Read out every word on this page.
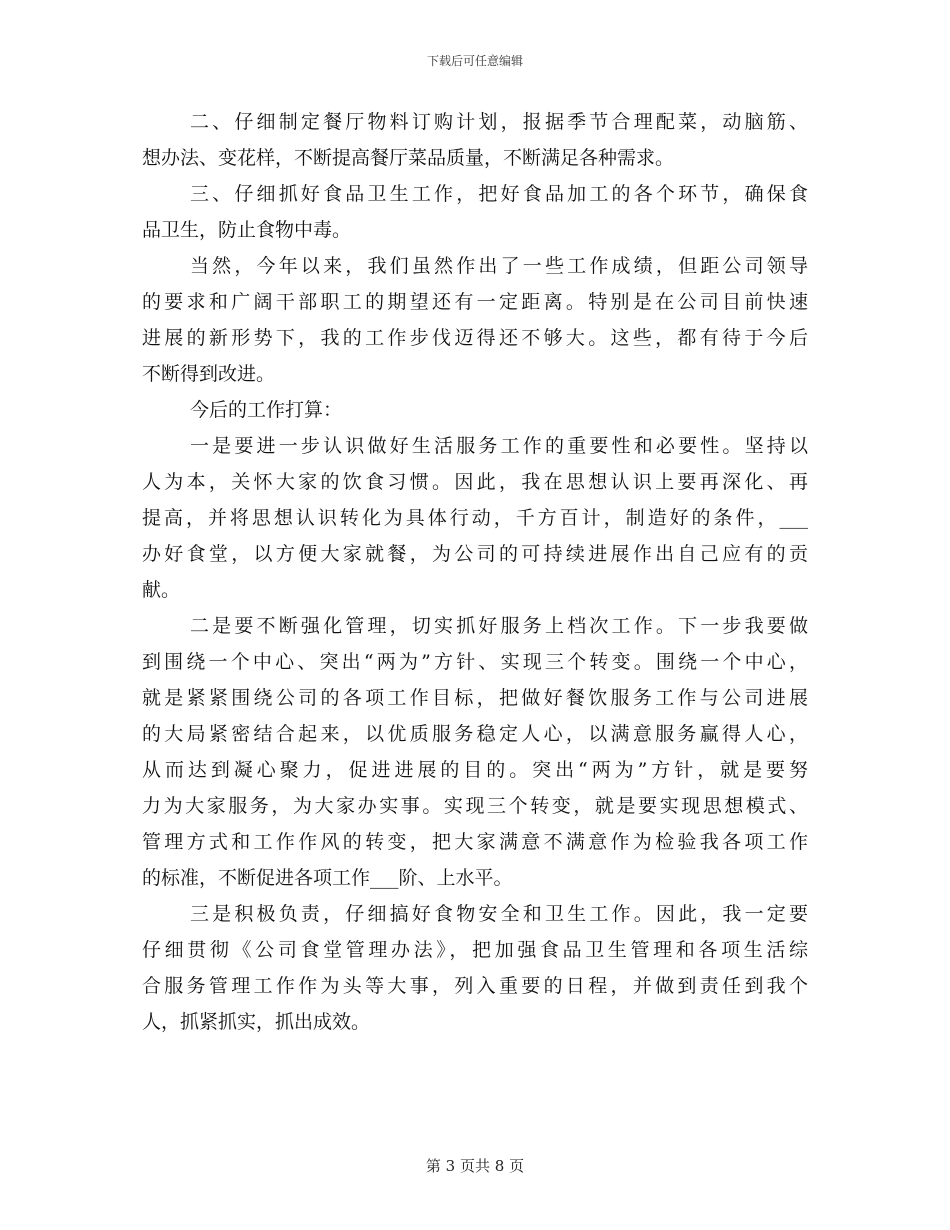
下载后可任意编辑
二、仔细制定餐厅物料订购计划，报据季节合理配菜，动脑筋、
想办法、变花样，不断提高餐厅菜品质量，不断满足各种需求。
三、仔细抓好食品卫生工作，把好食品加工的各个环节，确保食
品卫生，防止食物中毒。
当然，今年以来，我们虽然作出了一些工作成绩，但距公司领导
的要求和广阔干部职工的期望还有一定距离。特别是在公司目前快速
进展的新形势下，我的工作步伐迈得还不够大。这些，都有待于今后
不断得到改进。
今后的工作打算：
一是要进一步认识做好生活服务工作的重要性和必要性。坚持以
人为本，关怀大家的饮食习惯。因此，我在思想认识上要再深化、再
提高，并将思想认识转化为具体行动，千方百计，制造好的条件，___
办好食堂，以方便大家就餐，为公司的可持续进展作出自己应有的贡
献。
二是要不断强化管理，切实抓好服务上档次工作。下一步我要做
到围绕一个中心、突出“两为”方针、实现三个转变。围绕一个中心，
就是紧紧围绕公司的各项工作目标，把做好餐饮服务工作与公司进展
的大局紧密结合起来，以优质服务稳定人心，以满意服务赢得人心，
从而达到凝心聚力，促进进展的目的。突出“两为”方针，就是要努
力为大家服务，为大家办实事。实现三个转变，就是要实现思想模式、
管理方式和工作作风的转变，把大家满意不满意作为检验我各项工作
的标准，不断促进各项工作___阶、上水平。
三是积极负责，仔细搞好食物安全和卫生工作。因此，我一定要
仔细贯彻《公司食堂管理办法》，把加强食品卫生管理和各项生活综
合服务管理工作作为头等大事，列入重要的日程，并做到责任到我个
人，抓紧抓实，抓出成效。
第 3 页共 8 页
